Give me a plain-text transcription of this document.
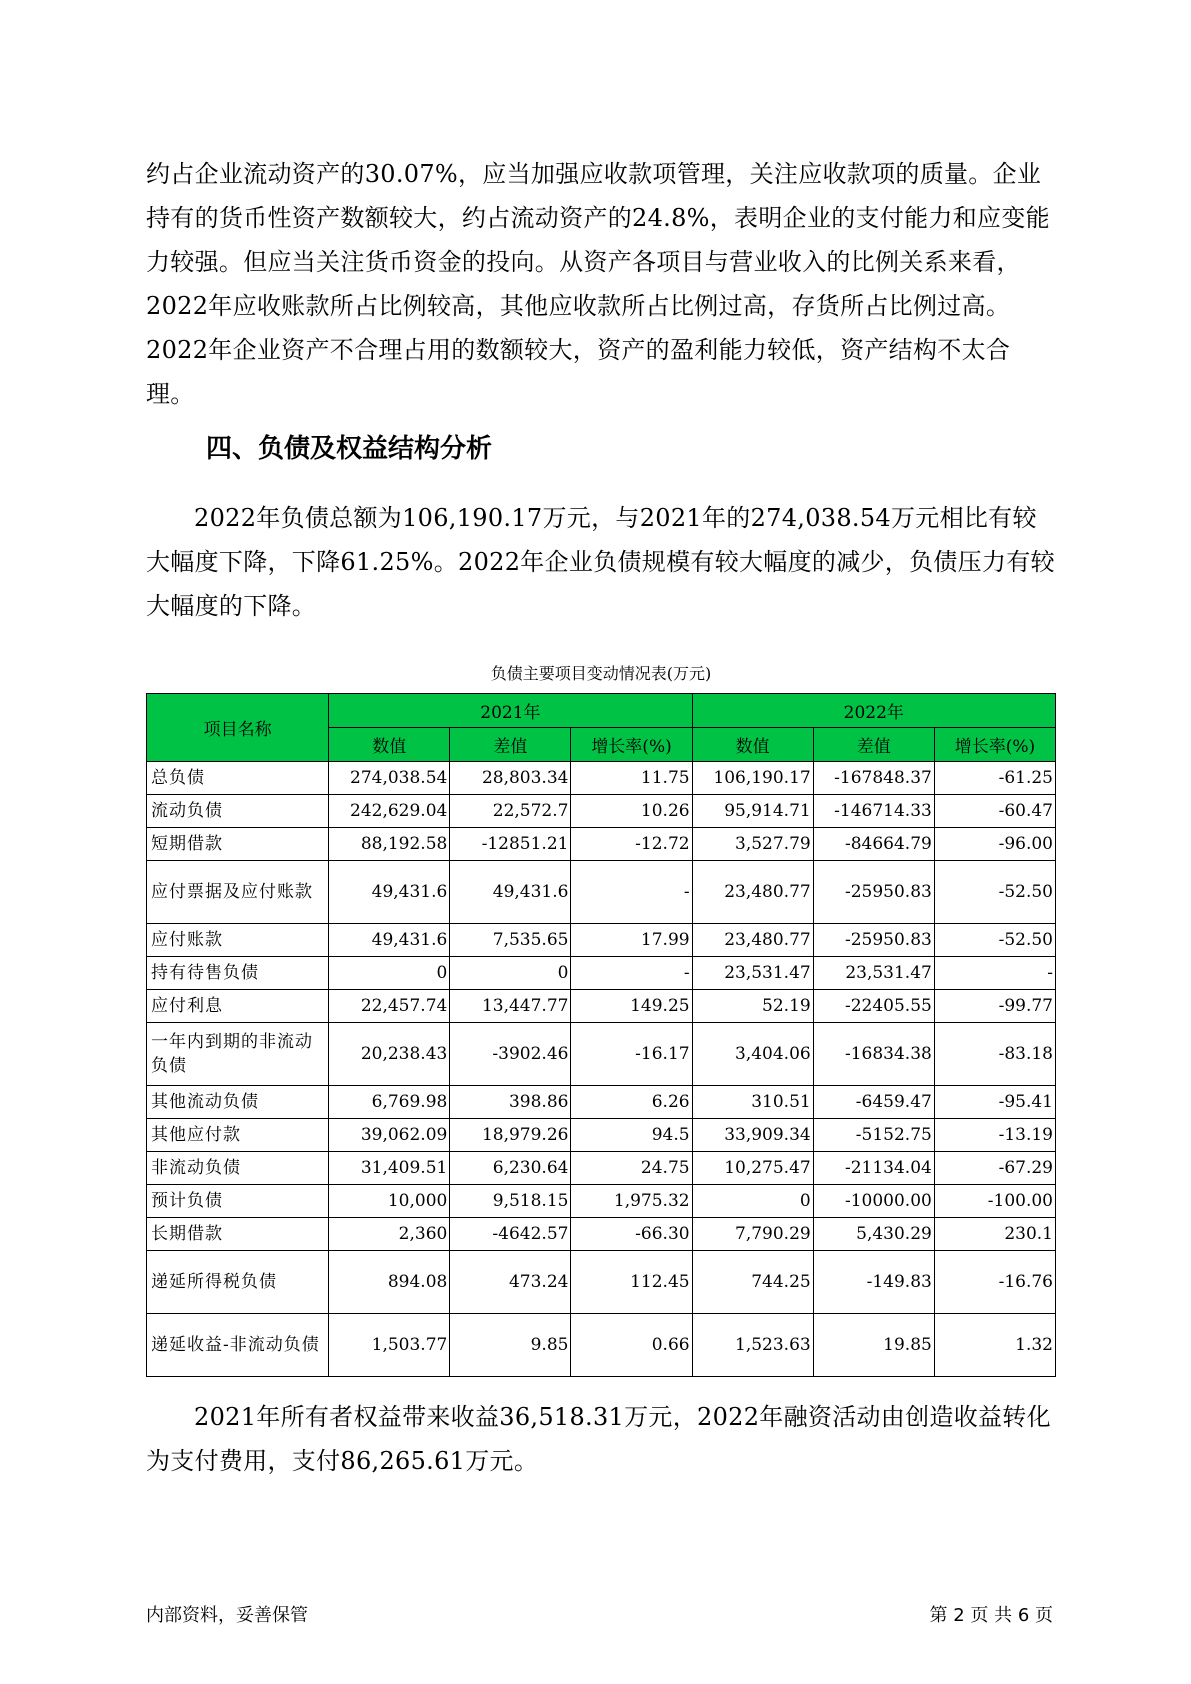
约占企业流动资产的30.07%，应当加强应收款项管理，关注应收款项的质量。企业持有的货币性资产数额较大，约占流动资产的24.8%，表明企业的支付能力和应变能力较强。但应当关注货币资金的投向。从资产各项目与营业收入的比例关系来看，2022年应收账款所占比例较高，其他应收款所占比例过高，存货所占比例过高。2022年企业资产不合理占用的数额较大，资产的盈利能力较低，资产结构不太合理。

四、负债及权益结构分析

2022年负债总额为106,190.17万元，与2021年的274,038.54万元相比有较大幅度下降，下降61.25%。2022年企业负债规模有较大幅度的减少，负债压力有较大幅度的下降。

负债主要项目变动情况表(万元)

项目名称	2021年			2022年		
	数值	差值	增长率(%)	数值	差值	增长率(%)
总负债	274,038.54	28,803.34	11.75	106,190.17	-167848.37	-61.25
流动负债	242,629.04	22,572.7	10.26	95,914.71	-146714.33	-60.47
短期借款	88,192.58	-12851.21	-12.72	3,527.79	-84664.79	-96.00
应付票据及应付账款	49,431.6	49,431.6	-	23,480.77	-25950.83	-52.50
应付账款	49,431.6	7,535.65	17.99	23,480.77	-25950.83	-52.50
持有待售负债	0	0	-	23,531.47	23,531.47	-
应付利息	22,457.74	13,447.77	149.25	52.19	-22405.55	-99.77
一年内到期的非流动负债	20,238.43	-3902.46	-16.17	3,404.06	-16834.38	-83.18
其他流动负债	6,769.98	398.86	6.26	310.51	-6459.47	-95.41
其他应付款	39,062.09	18,979.26	94.5	33,909.34	-5152.75	-13.19
非流动负债	31,409.51	6,230.64	24.75	10,275.47	-21134.04	-67.29
预计负债	10,000	9,518.15	1,975.32	0	-10000.00	-100.00
长期借款	2,360	-4642.57	-66.30	7,790.29	5,430.29	230.1
递延所得税负债	894.08	473.24	112.45	744.25	-149.83	-16.76
递延收益-非流动负债	1,503.77	9.85	0.66	1,523.63	19.85	1.32

2021年所有者权益带来收益36,518.31万元，2022年融资活动由创造收益转化为支付费用，支付86,265.61万元。

内部资料，妥善保管	第 2 页 共 6 页
